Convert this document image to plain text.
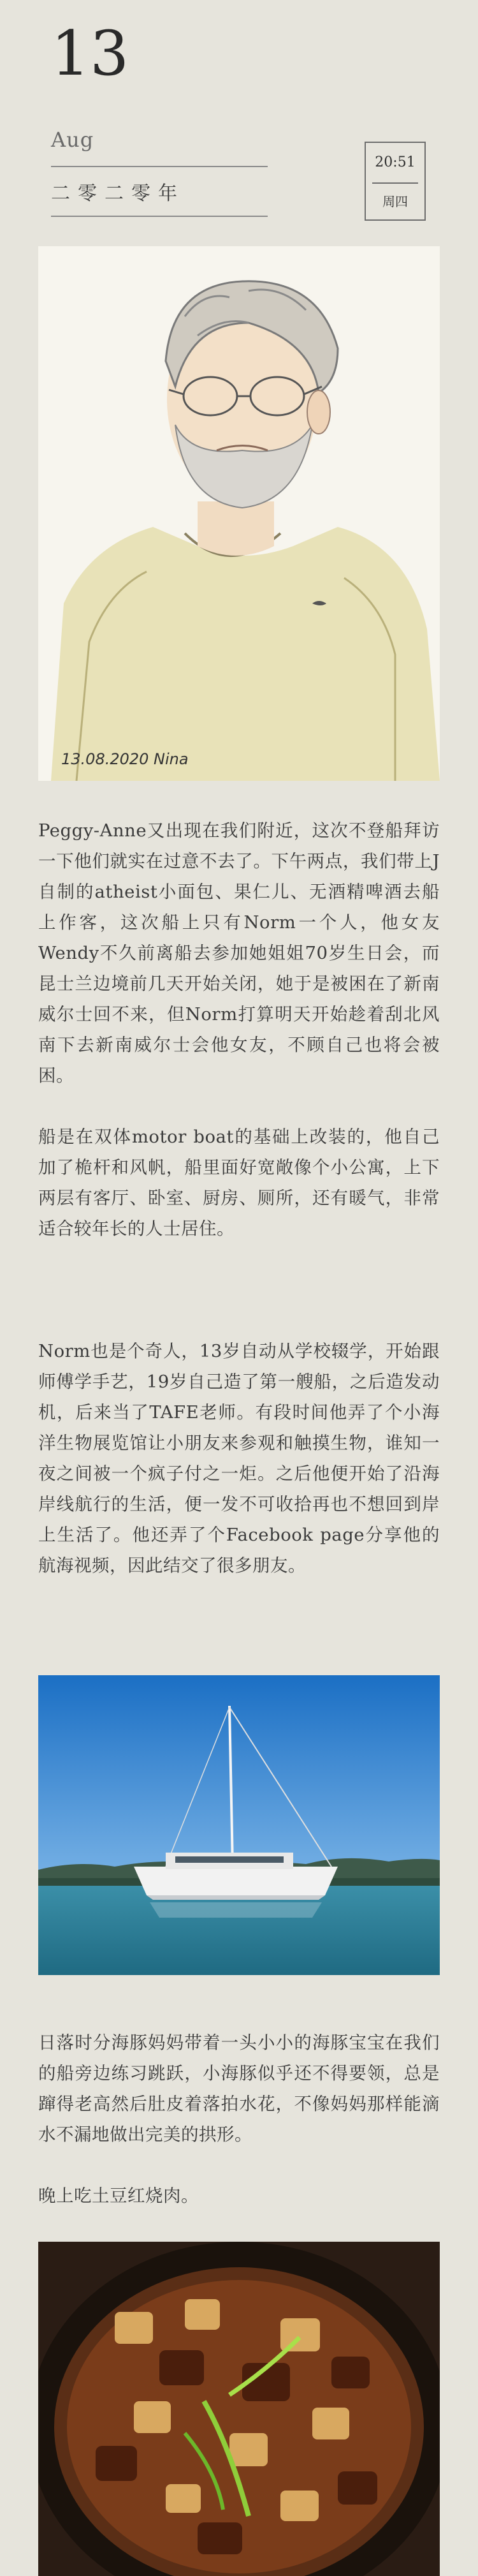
13
Aug
二零二零年
20:51
周四
13.08.2020 Nina

Peggy-Anne又出现在我们附近，这次不登船拜访一下他们就实在过意不去了。下午两点，我们带上J自制的atheist小面包、果仁儿、无酒精啤酒去船上作客，这次船上只有Norm一个人，他女友Wendy不久前离船去参加她姐姐70岁生日会，而昆士兰边境前几天开始关闭，她于是被困在了新南威尔士回不来，但Norm打算明天开始趁着刮北风南下去新南威尔士会他女友，不顾自己也将会被困。

船是在双体motor boat的基础上改装的，他自己加了桅杆和风帆，船里面好宽敞像个小公寓，上下两层有客厅、卧室、厨房、厕所，还有暖气，非常适合较年长的人士居住。

Norm也是个奇人，13岁自动从学校辍学，开始跟师傅学手艺，19岁自己造了第一艘船，之后造发动机，后来当了TAFE老师。有段时间他弄了个小海洋生物展览馆让小朋友来参观和触摸生物，谁知一夜之间被一个疯子付之一炬。之后他便开始了沿海岸线航行的生活，便一发不可收拾再也不想回到岸上生活了。他还弄了个Facebook page分享他的航海视频，因此结交了很多朋友。

日落时分海豚妈妈带着一头小小的海豚宝宝在我们的船旁边练习跳跃，小海豚似乎还不得要领，总是蹿得老高然后肚皮着落拍水花，不像妈妈那样能滴水不漏地做出完美的拱形。

晚上吃土豆红烧肉。
